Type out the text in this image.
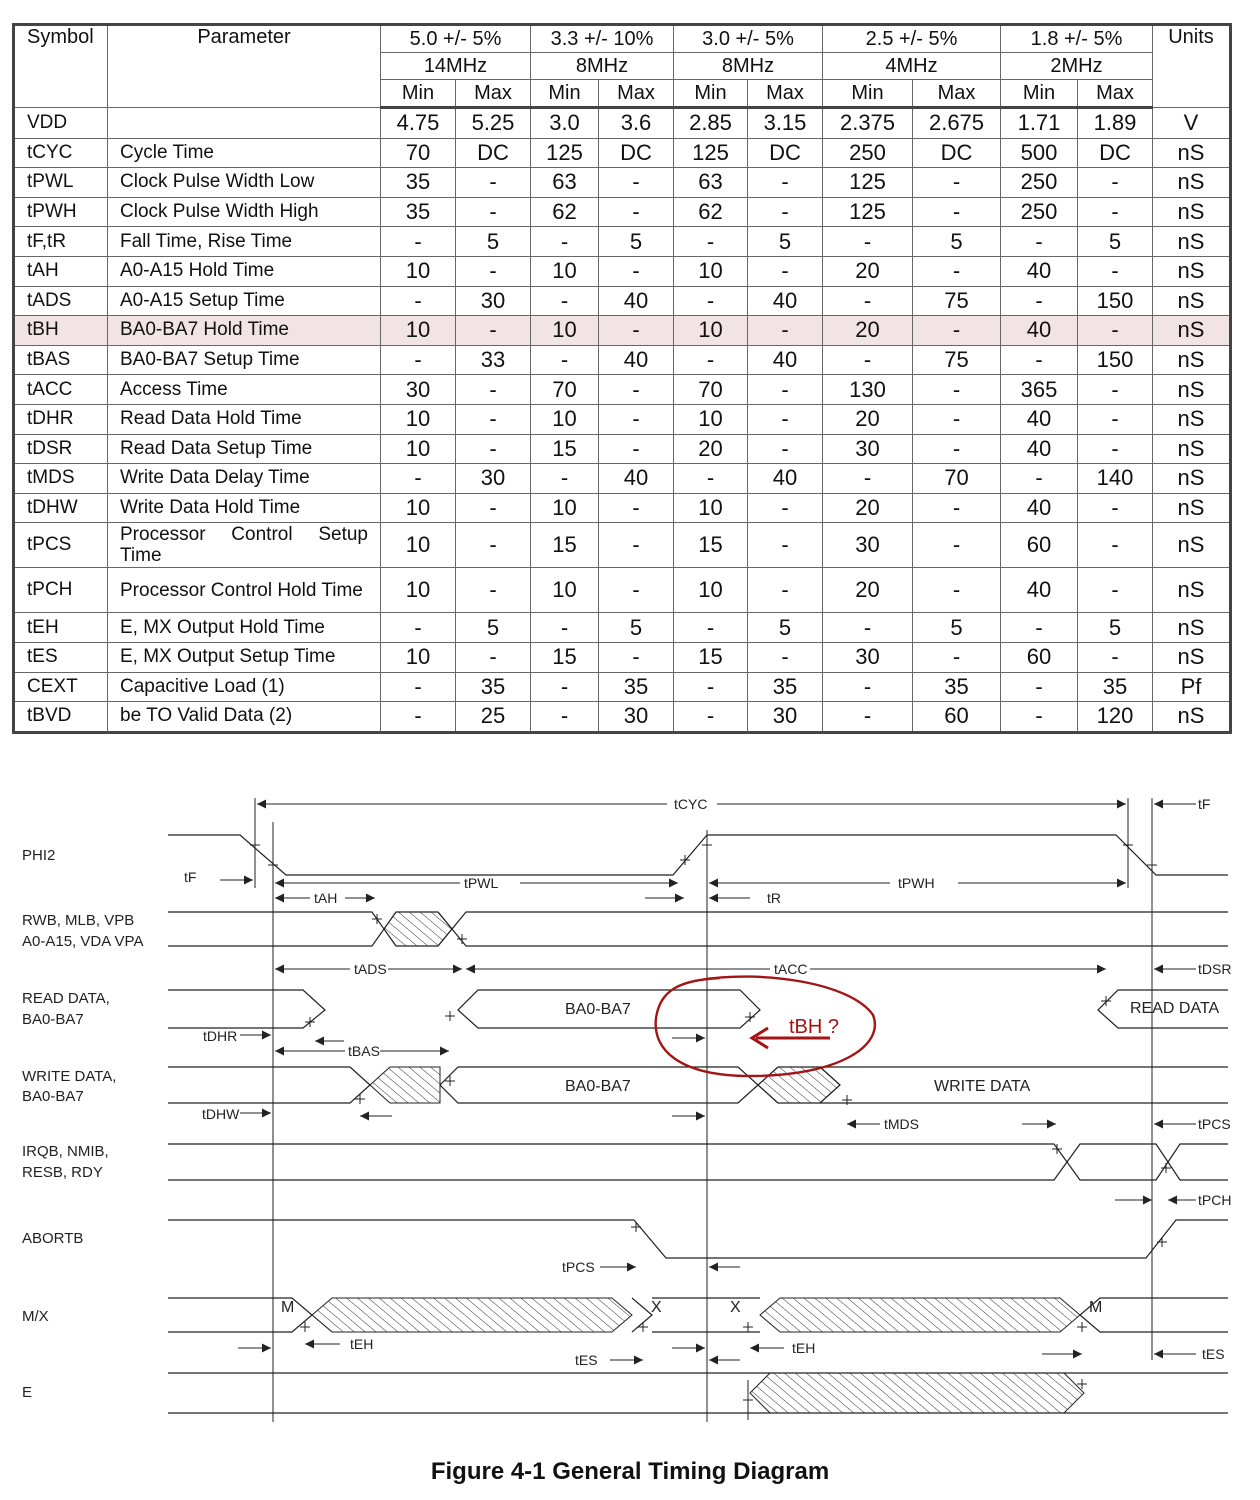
Symbol	Parameter	5.0 +/- 5%		3.3 +/- 10%		3.0 +/- 5%		2.5 +/- 5%		1.8 +/- 5%		Units
		14MHz		8MHz		8MHz		4MHz		2MHz		
		Min	Max	Min	Max	Min	Max	Min	Max	Min	Max	
VDD		4.75	5.25	3.0	3.6	2.85	3.15	2.375	2.675	1.71	1.89	V
tCYC	Cycle Time	70	DC	125	DC	125	DC	250	DC	500	DC	nS
tPWL	Clock Pulse Width Low	35	-	63	-	63	-	125	-	250	-	nS
tPWH	Clock Pulse Width High	35	-	62	-	62	-	125	-	250	-	nS
tF,tR	Fall Time, Rise Time	-	5	-	5	-	5	-	5	-	5	nS
tAH	A0-A15 Hold Time	10	-	10	-	10	-	20	-	40	-	nS
tADS	A0-A15 Setup Time	-	30	-	40	-	40	-	75	-	150	nS
tBH	BA0-BA7 Hold Time	10	-	10	-	10	-	20	-	40	-	nS
tBAS	BA0-BA7 Setup Time	-	33	-	40	-	40	-	75	-	150	nS
tACC	Access Time	30	-	70	-	70	-	130	-	365	-	nS
tDHR	Read Data Hold Time	10	-	10	-	10	-	20	-	40	-	nS
tDSR	Read Data Setup Time	10	-	15	-	20	-	30	-	40	-	nS
tMDS	Write Data Delay Time	-	30	-	40	-	40	-	70	-	140	nS
tDHW	Write Data Hold Time	10	-	10	-	10	-	20	-	40	-	nS
tPCS	Processor Control Setup Time	10	-	15	-	15	-	30	-	60	-	nS
tPCH	Processor Control Hold Time	10	-	10	-	10	-	20	-	40	-	nS
tEH	E, MX Output Hold Time	-	5	-	5	-	5	-	5	-	5	nS
tES	E, MX Output Setup Time	10	-	15	-	15	-	30	-	60	-	nS
CEXT	Capacitive Load (1)	-	35	-	35	-	35	-	35	-	35	Pf
tBVD	be TO Valid Data (2)	-	25	-	30	-	30	-	60	-	120	nS
PHI2
RWB, MLB, VPB
A0-A15, VDA VPA
READ DATA,
BA0-BA7
WRITE DATA,
BA0-BA7
IRQB, NMIB,
RESB, RDY
ABORTB
M/X
E
tCYC	tF
tF	tPWL
tR
tPWH
tAH
tADS	tACC	tDSR
tDHR
tBAS
tDHW
tMDS	tPCS
tPCH
tPCS
tEH
tES
tEH	tES
BA0-BA7	READ DATA
BA0-BA7	WRITE DATA
M	X	X	M
tBH ?
Figure 4-1 General Timing Diagram
